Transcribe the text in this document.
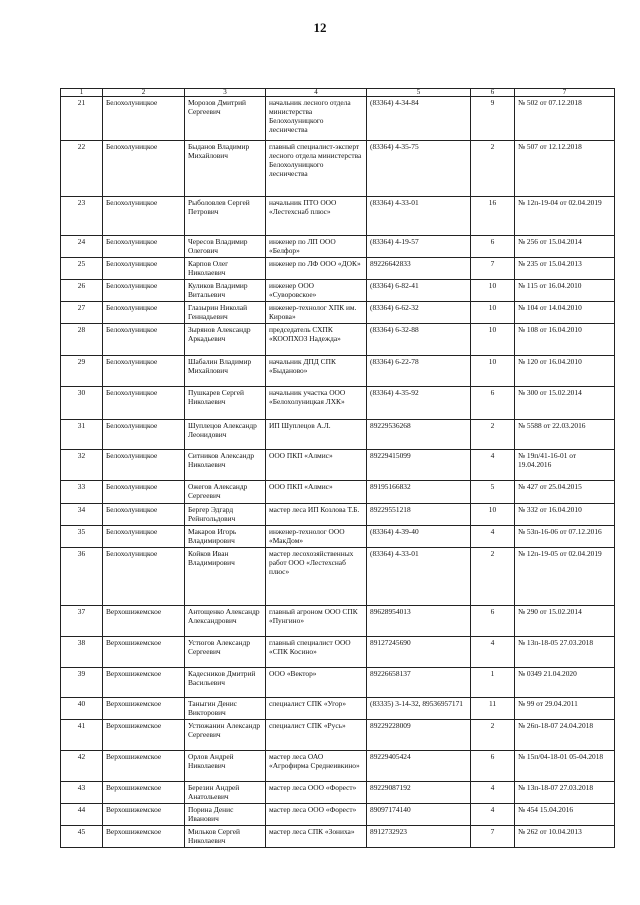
12
1	2	3	4	5	6	7
21	Белохолуницкое	Морозов Дмитрий Сергеевич	начальник лесного отдела министерства Белохолуницкого лесничества	(83364) 4-34-84	9	№ 502 от 07.12.2018
22	Белохолуницкое	Быданов Владимир Михайлович	главный специалист-эксперт лесного отдела министерства Белохолуницкого лесничества	(83364) 4-35-75	2	№ 507 от 12.12.2018
23	Белохолуницкое	Рыболовлев Сергей Петрович	начальник ПТО ООО «Лестехснаб плюс»	(83364) 4-33-01	16	№ 12п-19-04 от 02.04.2019
24	Белохолуницкое	Чересов Владимир Олегович	инженер по ЛП ООО «Белфор»	(83364) 4-19-57	6	№ 256 от 15.04.2014
25	Белохолуницкое	Карпов Олег Николаевич	инженер по ЛФ ООО «ДОК»	89226642833	7	№ 235 от 15.04.2013
26	Белохолуницкое	Куликов Владимир Витальевич	инженер ООО «Суворовское»	(83364) 6-82-41	10	№ 115 от 16.04.2010
27	Белохолуницкое	Глазырин Николай Геннадьевич	инженер-технолог ХПК им. Кирова»	(83364) 6-62-32	10	№ 104 от 14.04.2010
28	Белохолуницкое	Зырянов Александр Аркадьевич	председатель СХПК «КООПХОЗ Надежда»	(83364) 6-32-88	10	№ 108 от 16.04.2010
29	Белохолуницкое	Шабалин Владимир Михайлович	начальник ДПД СПК «Быданово»	(83364) 6-22-78	10	№ 120 от 16.04.2010
30	Белохолуницкое	Пушкарев Сергей Николаевич	начальник участка ООО «Белохолуницкая ЛХК»	(83364) 4-35-92	6	№ 300 от 15.02.2014
31	Белохолуницкое	Шуплецов Александр Леонидович	ИП Шуплецов А.Л.	89229536268	2	№ 5588 от 22.03.2016
32	Белохолуницкое	Ситников Александр Николаевич	ООО ПКП «Алмис»	89229415099	4	№ 19п/41-16-01 от 19.04.2016
33	Белохолуницкое	Ожегов Александр Сергеевич	ООО ПКП «Алмис»	89195166832	5	№ 427 от 25.04.2015
34	Белохолуницкое	Бергер Эдгард Рейнгольдович	мастер леса ИП Козлова Т.Б.	89229551218	10	№ 332 от 16.04.2010
35	Белохолуницкое	Макаров Игорь Владимирович	инженер-технолог ООО «МакДом»	(83364) 4-39-40	4	№ 53п-16-06 от 07.12.2016
36	Белохолуницкое	Койков Иван Владимирович	мастер лесохозяйственных работ ООО «Лестехснаб плюс»	(83364) 4-33-01	2	№ 12п-19-05 от 02.04.2019
37	Верхошижемское	Антощенко Александр Александрович	главный агроном ООО СПК «Пунгино»	89628954013	6	№ 290 от 15.02.2014
38	Верхошижемское	Устюгов Александр Сергеевич	главный специалист ООО «СПК Косино»	89127245690	4	№ 13п-18-05 27.03.2018
39	Верхошижемское	Кадесников Дмитрий Васильевич	ООО «Вектор»	89226658137	1	№ 0349 21.04.2020
40	Верхошижемское	Таныгин Денис Викторович	специалист СПК «Угор»	(83335) 3-14-32, 89536957171	11	№ 99 от 29.04.2011
41	Верхошижемское	Устюжанин Александр Сергеевич	специалист СПК «Русь»	89229228009	2	№ 26п-18-07 24.04.2018
42	Верхошижемское	Орлов Андрей Николаевич	мастер леса ОАО «Агрофирма Среднеивкино»	89229405424	6	№ 15п/04-18-01 05-04.2018
43	Верхошижемское	Березин Андрей Анатольевич	мастер леса ООО «Форест»	89229087192	4	№ 13п-18-07 27.03.2018
44	Верхошижемское	Порина Денис Иванович	мастер леса ООО «Форест»	89097174140	4	№ 454 15.04.2016
45	Верхошижемское	Мильков Сергей Николаевич	мастер леса СПК «Зониха»	8912732923	7	№ 262 от 10.04.2013
